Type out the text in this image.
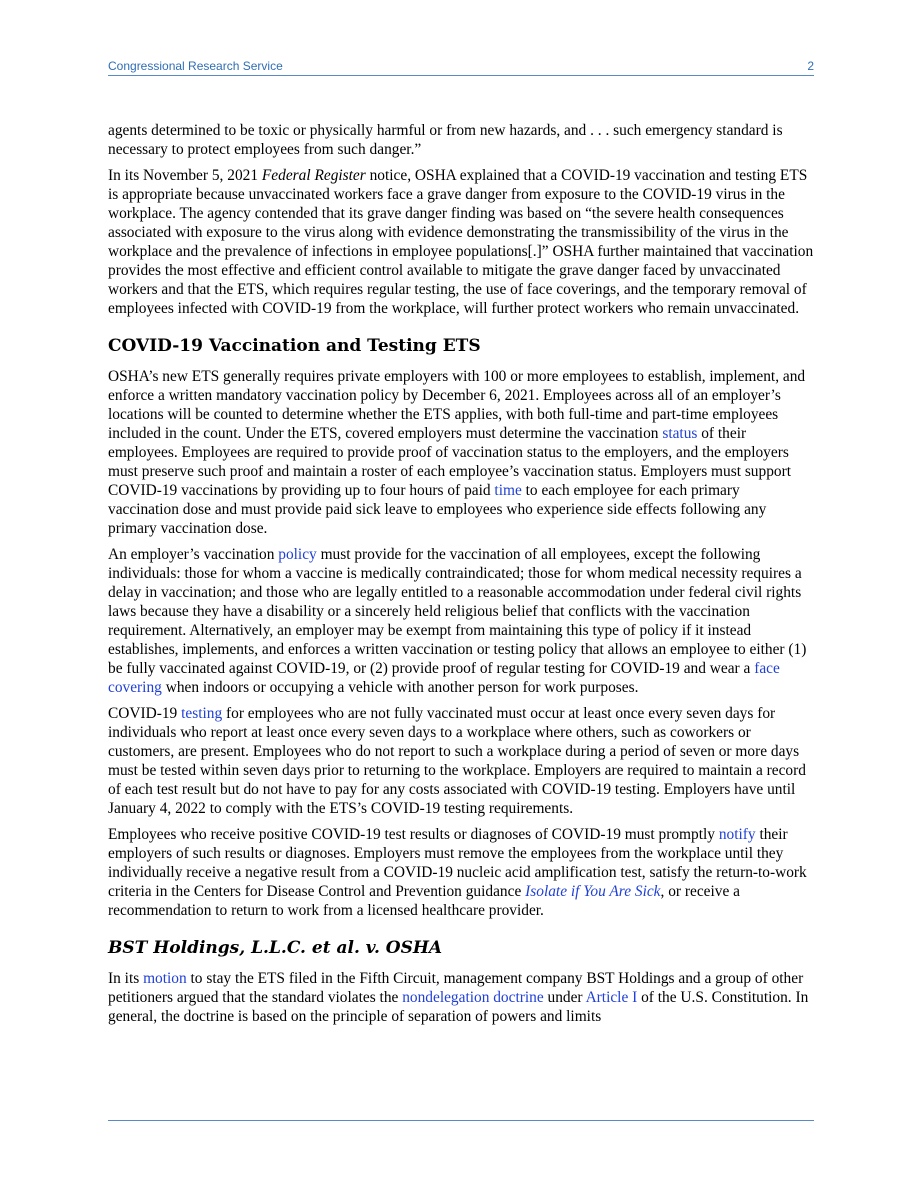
Congressional Research Service	2

agents determined to be toxic or physically harmful or from new hazards, and . . . such emergency standard is necessary to protect employees from such danger.”

In its November 5, 2021 Federal Register notice, OSHA explained that a COVID-19 vaccination and testing ETS is appropriate because unvaccinated workers face a grave danger from exposure to the COVID-19 virus in the workplace. The agency contended that its grave danger finding was based on “the severe health consequences associated with exposure to the virus along with evidence demonstrating the transmissibility of the virus in the workplace and the prevalence of infections in employee populations[.]” OSHA further maintained that vaccination provides the most effective and efficient control available to mitigate the grave danger faced by unvaccinated workers and that the ETS, which requires regular testing, the use of face coverings, and the temporary removal of employees infected with COVID-19 from the workplace, will further protect workers who remain unvaccinated.

COVID-19 Vaccination and Testing ETS

OSHA’s new ETS generally requires private employers with 100 or more employees to establish, implement, and enforce a written mandatory vaccination policy by December 6, 2021. Employees across all of an employer’s locations will be counted to determine whether the ETS applies, with both full-time and part-time employees included in the count. Under the ETS, covered employers must determine the vaccination status of their employees. Employees are required to provide proof of vaccination status to the employers, and the employers must preserve such proof and maintain a roster of each employee’s vaccination status. Employers must support COVID-19 vaccinations by providing up to four hours of paid time to each employee for each primary vaccination dose and must provide paid sick leave to employees who experience side effects following any primary vaccination dose.

An employer’s vaccination policy must provide for the vaccination of all employees, except the following individuals: those for whom a vaccine is medically contraindicated; those for whom medical necessity requires a delay in vaccination; and those who are legally entitled to a reasonable accommodation under federal civil rights laws because they have a disability or a sincerely held religious belief that conflicts with the vaccination requirement. Alternatively, an employer may be exempt from maintaining this type of policy if it instead establishes, implements, and enforces a written vaccination or testing policy that allows an employee to either (1) be fully vaccinated against COVID-19, or (2) provide proof of regular testing for COVID-19 and wear a face covering when indoors or occupying a vehicle with another person for work purposes.

COVID-19 testing for employees who are not fully vaccinated must occur at least once every seven days for individuals who report at least once every seven days to a workplace where others, such as coworkers or customers, are present. Employees who do not report to such a workplace during a period of seven or more days must be tested within seven days prior to returning to the workplace. Employers are required to maintain a record of each test result but do not have to pay for any costs associated with COVID-19 testing. Employers have until January 4, 2022 to comply with the ETS’s COVID-19 testing requirements.

Employees who receive positive COVID-19 test results or diagnoses of COVID-19 must promptly notify their employers of such results or diagnoses. Employers must remove the employees from the workplace until they individually receive a negative result from a COVID-19 nucleic acid amplification test, satisfy the return-to-work criteria in the Centers for Disease Control and Prevention guidance Isolate if You Are Sick, or receive a recommendation to return to work from a licensed healthcare provider.

BST Holdings, L.L.C. et al. v. OSHA

In its motion to stay the ETS filed in the Fifth Circuit, management company BST Holdings and a group of other petitioners argued that the standard violates the nondelegation doctrine under Article I of the U.S. Constitution. In general, the doctrine is based on the principle of separation of powers and limits
